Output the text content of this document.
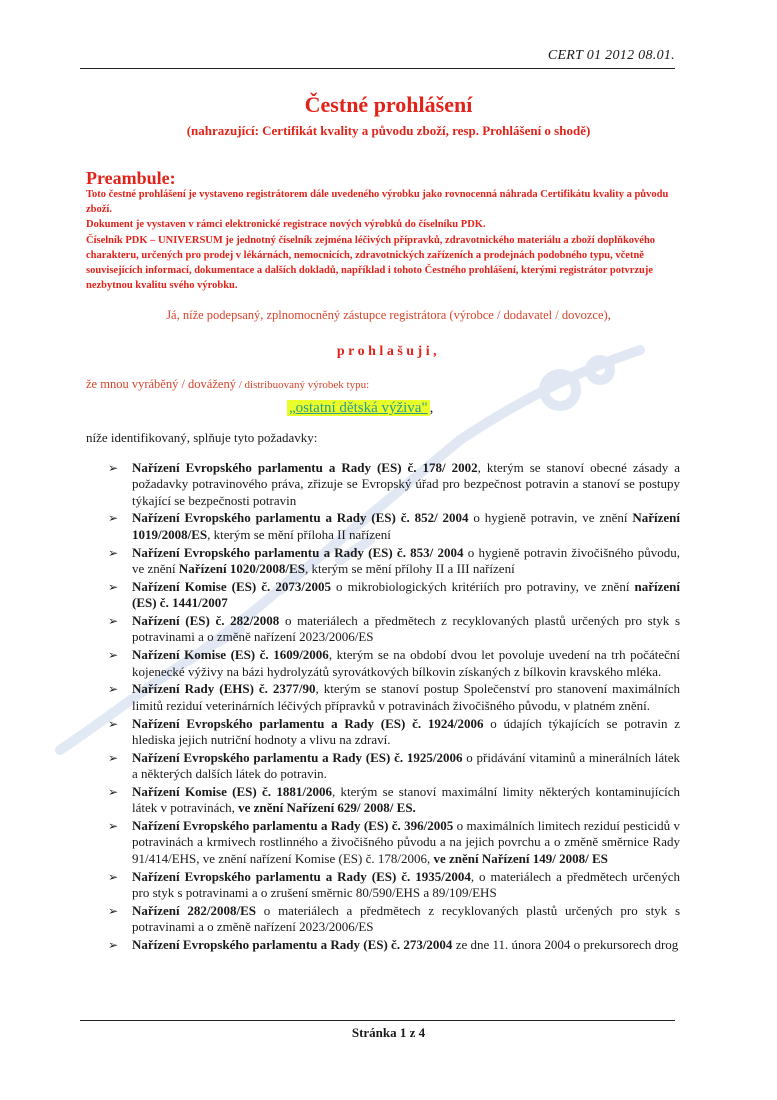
CERT 01 2012 08.01.
Čestné prohlášení
(nahrazující: Certifikát kvality a původu zboží, resp. Prohlášení o shodě)
Preambule:

Toto čestné prohlášení je vystaveno registrátorem dále uvedeného výrobku jako rovnocenná náhrada Certifikátu kvality a původu zboží.

Dokument je vystaven v rámci elektronické registrace nových výrobků do číselníku PDK.

Číselník PDK – UNIVERSUM je jednotný číselník zejména léčivých přípravků, zdravotnického materiálu a zboží doplňkového charakteru, určených pro prodej v lékárnách, nemocnicích, zdravotnických zařízeních a prodejnách podobného typu, včetně souvisejících informací, dokumentace a dalších dokladů, například i tohoto Čestného prohlášení, kterými registrátor potvrzuje nezbytnou kvalitu svého výrobku.

Já, níže podepsaný, zplnomocněný zástupce registrátora (výrobce / dodavatel / dovozce),
prohlašuji,
že mnou vyráběný / dovážený / distribuovaný výrobek typu:
„ostatní dětská výživa" ,
níže identifikovaný, splňuje tyto požadavky:
➢ Nařízení Evropského parlamentu a Rady (ES) č. 178/ 2002, kterým se stanoví obecné zásady a požadavky potravinového práva, zřizuje se Evropský úřad pro bezpečnost potravin a stanoví se postupy týkající se bezpečnosti potravin
➢ Nařízení Evropského parlamentu a Rady (ES) č. 852/ 2004 o hygieně potravin, ve znění Nařízení 1019/2008/ES, kterým se mění příloha II nařízení
➢ Nařízení Evropského parlamentu a Rady (ES) č. 853/ 2004 o hygieně potravin živočišného původu, ve znění Nařízení 1020/2008/ES, kterým se mění přílohy II a III nařízení
➢ Nařízení Komise (ES) č. 2073/2005 o mikrobiologických kritériích pro potraviny, ve znění nařízení (ES) č. 1441/2007
➢ Nařízení (ES) č. 282/2008 o materiálech a předmětech z recyklovaných plastů určených pro styk s potravinami a o změně nařízení 2023/2006/ES
➢ Nařízení Komise (ES) č. 1609/2006, kterým se na období dvou let povoluje uvedení na trh počáteční kojenecké výživy na bázi hydrolyzátů syrovátkových bílkovin získaných z bílkovin kravského mléka.
➢ Nařízení Rady (EHS) č. 2377/90, kterým se stanoví postup Společenství pro stanovení maximálních limitů reziduí veterinárních léčivých přípravků v potravinách živočišného původu, v platném znění.
➢ Nařízení Evropského parlamentu a Rady (ES) č. 1924/2006 o údajích týkajících se potravin z hlediska jejich nutriční hodnoty a vlivu na zdraví.
➢ Nařízení Evropského parlamentu a Rady (ES) č. 1925/2006 o přidávání vitaminů a minerálních látek a některých dalších látek do potravin.
➢ Nařízení Komise (ES) č. 1881/2006, kterým se stanoví maximální limity některých kontaminujících látek v potravinách, ve znění Nařízení 629/ 2008/ ES.
➢ Nařízení Evropského parlamentu a Rady (ES) č. 396/2005 o maximálních limitech reziduí pesticidů v potravinách a krmivech rostlinného a živočišného původu a na jejich povrchu a o změně směrnice Rady 91/414/EHS, ve znění nařízení Komise (ES) č. 178/2006, ve znění Nařízení 149/ 2008/ ES
➢ Nařízení Evropského parlamentu a Rady (ES) č. 1935/2004, o materiálech a předmětech určených pro styk s potravinami a o zrušení směrnic 80/590/EHS a 89/109/EHS
➢ Nařízení 282/2008/ES o materiálech a předmětech z recyklovaných plastů určených pro styk s potravinami a o změně nařízení 2023/2006/ES
➢ Nařízení Evropského parlamentu a Rady (ES) č. 273/2004 ze dne 11. února 2004 o prekursorech drog
Stránka 1 z 4
